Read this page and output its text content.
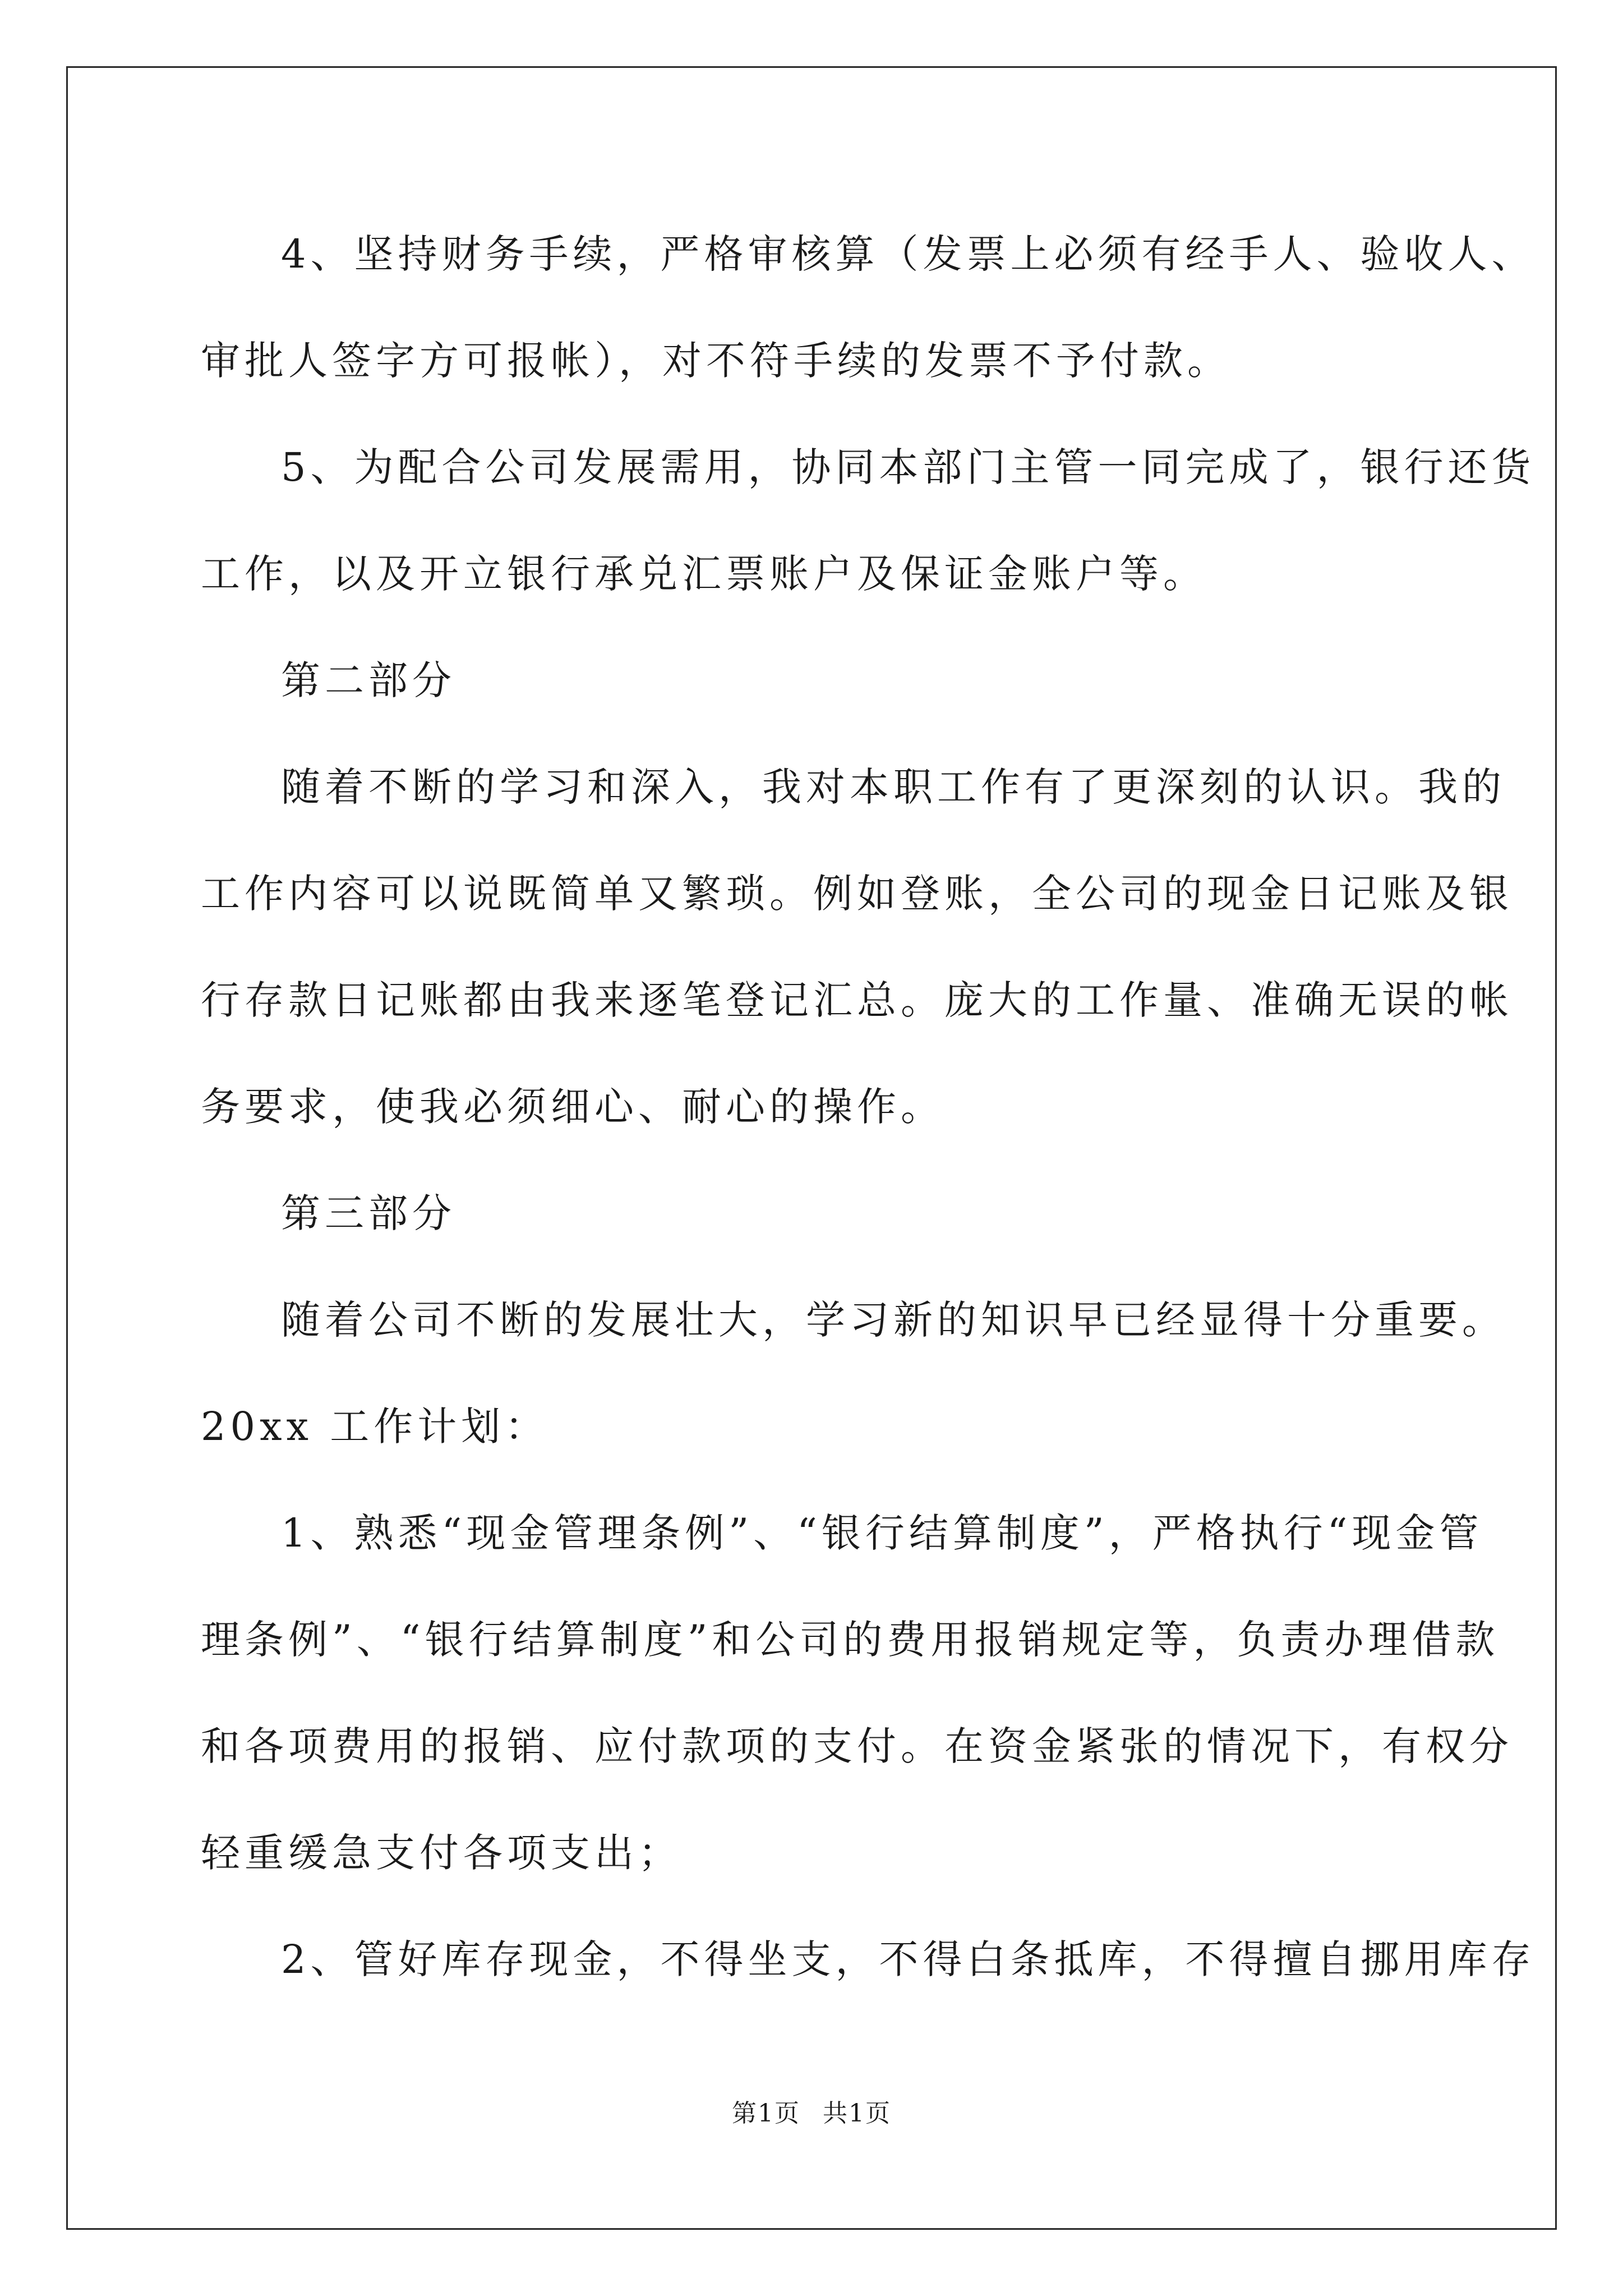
4、坚持财务手续，严格审核算（发票上必须有经手人、验收人、
审批人签字方可报帐），对不符手续的发票不予付款。
5、为配合公司发展需用，协同本部门主管一同完成了，银行还货
工作，以及开立银行承兑汇票账户及保证金账户等。
第二部分
随着不断的学习和深入，我对本职工作有了更深刻的认识。我的
工作内容可以说既简单又繁琐。例如登账，全公司的现金日记账及银
行存款日记账都由我来逐笔登记汇总。庞大的工作量、准确无误的帐
务要求，使我必须细心、耐心的操作。
第三部分
随着公司不断的发展壮大，学习新的知识早已经显得十分重要。
20xx 工作计划：
1、熟悉“现金管理条例”、“银行结算制度”，严格执行“现金管
理条例”、“银行结算制度”和公司的费用报销规定等，负责办理借款
和各项费用的报销、应付款项的支付。在资金紧张的情况下，有权分
轻重缓急支付各项支出；
2、管好库存现金，不得坐支，不得白条抵库，不得擅自挪用库存
第1页 共1页
